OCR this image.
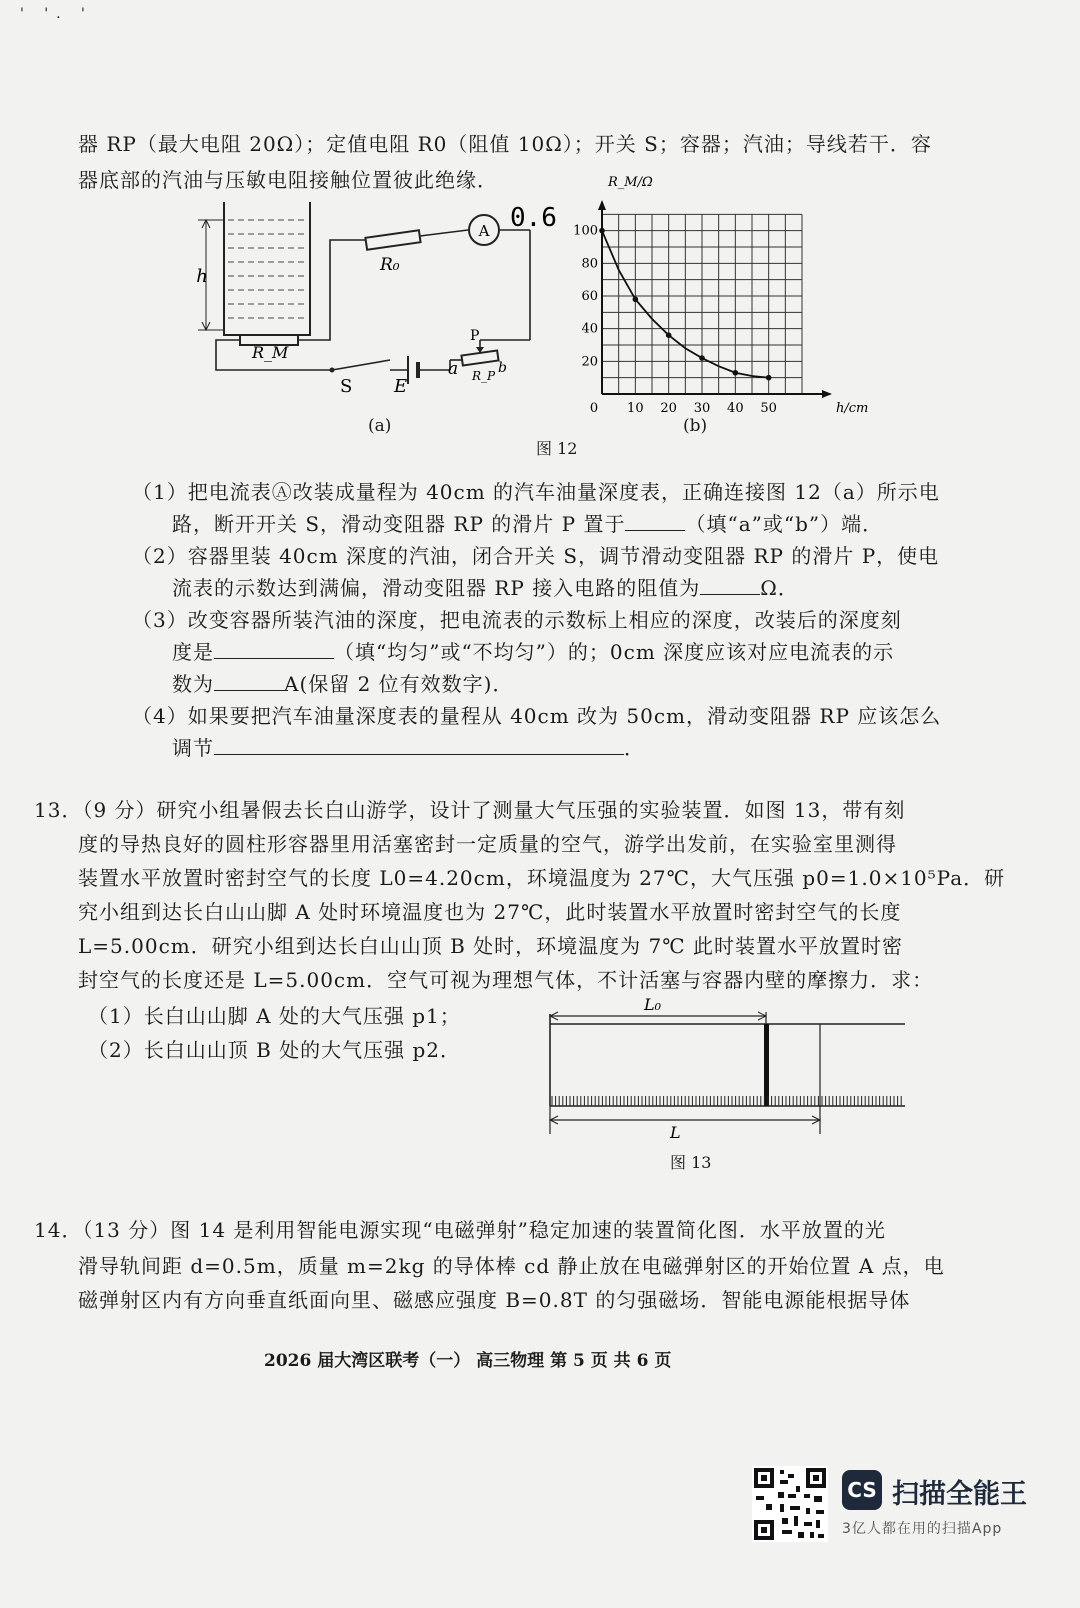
' '. '
器 RP（最大电阻 20Ω）；定值电阻 R0（阻值 10Ω）；开关 S；容器；汽油；导线若干．容
器底部的汽油与压敏电阻接触位置彼此绝缘．
h
R_M
R₀
A 0.6
S E
P
a	b
R_P
(a)	(b)
图 12
0 10 20 30 40 50
20
40
60
80
100
R_M/Ω
h/cm
（1）把电流表Ⓐ改装成量程为 40cm 的汽车油量深度表，正确连接图 12（a）所示电
路，断开开关 S，滑动变阻器 RP 的滑片 P 置于	（填“a”或“b”）端．
（2）容器里装 40cm 深度的汽油，闭合开关 S，调节滑动变阻器 RP 的滑片 P，使电
流表的示数达到满偏，滑动变阻器 RP 接入电路的阻值为	Ω．
（3）改变容器所装汽油的深度，把电流表的示数标上相应的深度，改装后的深度刻
度是	（填“均匀”或“不均匀”）的；0cm 深度应该对应电流表的示
数为	A(保留 2 位有效数字)．
（4）如果要把汽车油量深度表的量程从 40cm 改为 50cm，滑动变阻器 RP 应该怎么
调节	．
13．（9 分）研究小组暑假去长白山游学，设计了测量大气压强的实验装置．如图 13，带有刻
度的导热良好的圆柱形容器里用活塞密封一定质量的空气，游学出发前，在实验室里测得
装置水平放置时密封空气的长度 L0=4.20cm，环境温度为 27℃，大气压强 p0=1.0×10⁵Pa．研
究小组到达长白山山脚 A 处时环境温度也为 27℃，此时装置水平放置时密封空气的长度
L=5.00cm．研究小组到达长白山山顶 B 处时，环境温度为 7℃ 此时装置水平放置时密
封空气的长度还是 L=5.00cm．空气可视为理想气体，不计活塞与容器内壁的摩擦力．求：
（1）长白山山脚 A 处的大气压强 p1；
（2）长白山山顶 B 处的大气压强 p2．
L₀
L
图 13
14．（13 分）图 14 是利用智能电源实现“电磁弹射”稳定加速的装置简化图．水平放置的光
滑导轨间距 d=0.5m，质量 m=2kg 的导体棒 cd 静止放在电磁弹射区的开始位置 A 点，电
磁弹射区内有方向垂直纸面向里、磁感应强度 B=0.8T 的匀强磁场．智能电源能根据导体
2026 届大湾区联考（一） 高三物理 第 5 页 共 6 页
CS 扫描全能王
3亿人都在用的扫描App
